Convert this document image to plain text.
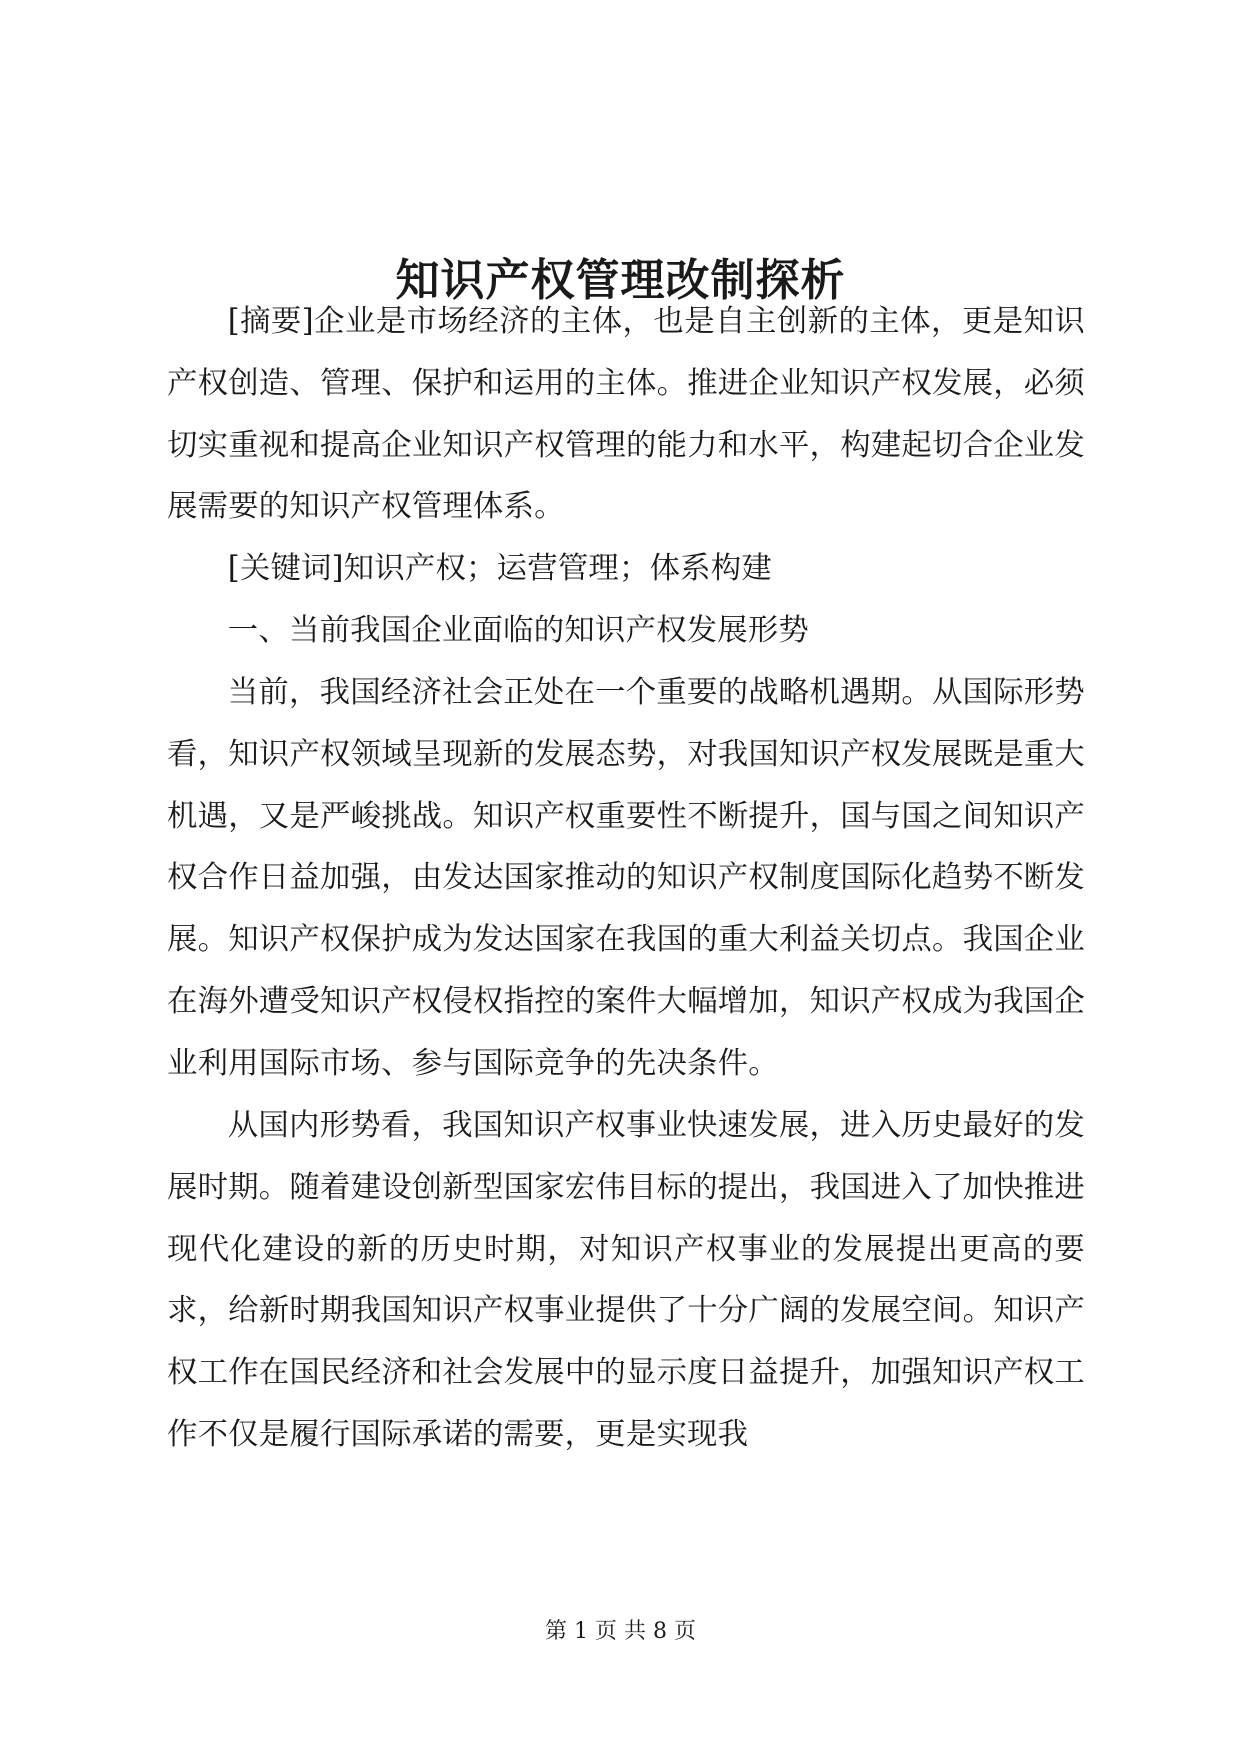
知识产权管理改制探析

[摘要]企业是市场经济的主体，也是自主创新的主体，更是知识产权创造、管理、保护和运用的主体。推进企业知识产权发展，必须切实重视和提高企业知识产权管理的能力和水平，构建起切合企业发展需要的知识产权管理体系。

[关键词]知识产权；运营管理；体系构建

一、当前我国企业面临的知识产权发展形势

当前，我国经济社会正处在一个重要的战略机遇期。从国际形势看，知识产权领域呈现新的发展态势，对我国知识产权发展既是重大机遇，又是严峻挑战。知识产权重要性不断提升，国与国之间知识产权合作日益加强，由发达国家推动的知识产权制度国际化趋势不断发展。知识产权保护成为发达国家在我国的重大利益关切点。我国企业在海外遭受知识产权侵权指控的案件大幅增加，知识产权成为我国企业利用国际市场、参与国际竞争的先决条件。

从国内形势看，我国知识产权事业快速发展，进入历史最好的发展时期。随着建设创新型国家宏伟目标的提出，我国进入了加快推进现代化建设的新的历史时期，对知识产权事业的发展提出更高的要求，给新时期我国知识产权事业提供了十分广阔的发展空间。知识产权工作在国民经济和社会发展中的显示度日益提升，加强知识产权工作不仅是履行国际承诺的需要，更是实现我

第 1 页 共 8 页
